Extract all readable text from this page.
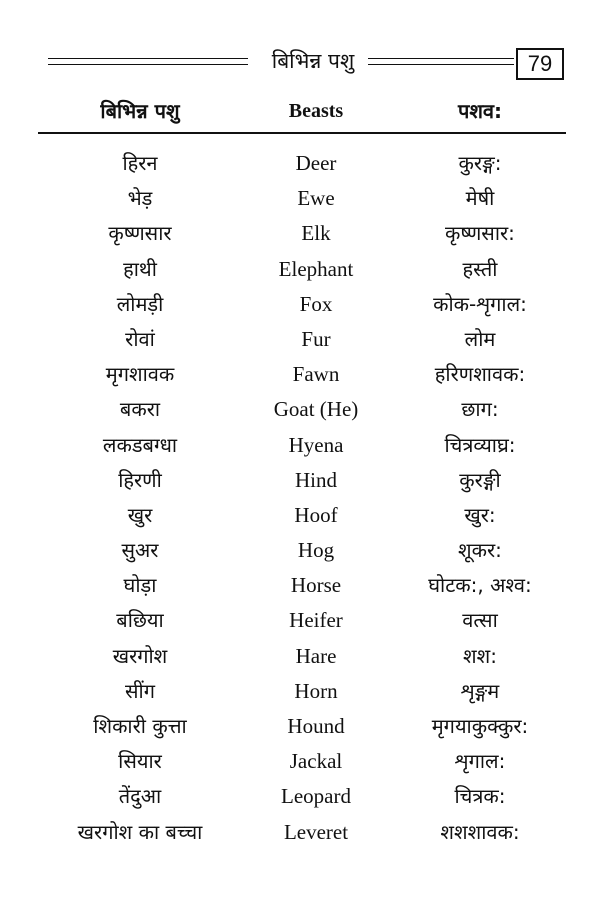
बिभिन्न पशु	79
बिभिन्न पशु	Beasts	पशव:
हिरन	Deer	कुरङ्ग:
भेड़	Ewe	मेषी
कृष्णसार	Elk	कृष्णसार:
हाथी	Elephant	हस्ती
लोमड़ी	Fox	कोक-शृगाल:
रोवां	Fur	लोम
मृगशावक	Fawn	हरिणशावक:
बकरा	Goat (He)	छाग:
लकडबग्धा	Hyena	चित्रव्याघ्र:
हिरणी	Hind	कुरङ्गी
खुर	Hoof	खुर:
सुअर	Hog	शूकर:
घोड़ा	Horse	घोटक:, अश्व:
बछिया	Heifer	वत्सा
खरगोश	Hare	शश:
सींग	Horn	शृङ्गम
शिकारी कुत्ता	Hound	मृगयाकुक्कुर:
सियार	Jackal	शृगाल:
तेंदुआ	Leopard	चित्रक:
खरगोश का बच्चा	Leveret	शशशावक:
